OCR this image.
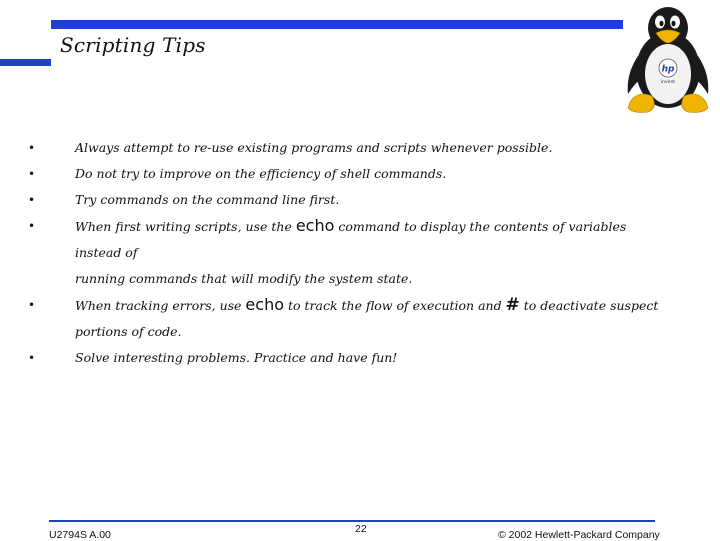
Scripting Tips
•	Always attempt to re-use existing programs and scripts whenever possible.
•	Do not try to improve on the efficiency of shell commands.
•	Try commands on the command line first.
•	When first writing scripts, use the echo command to display the contents of variables instead of
running commands that will modify the system state.
•	When tracking errors, use echo to track the flow of execution and # to deactivate suspect
portions of code.
•	Solve interesting problems. Practice and have fun!
hp
invent
U2794S A.00	22	© 2002 Hewlett-Packard Company
